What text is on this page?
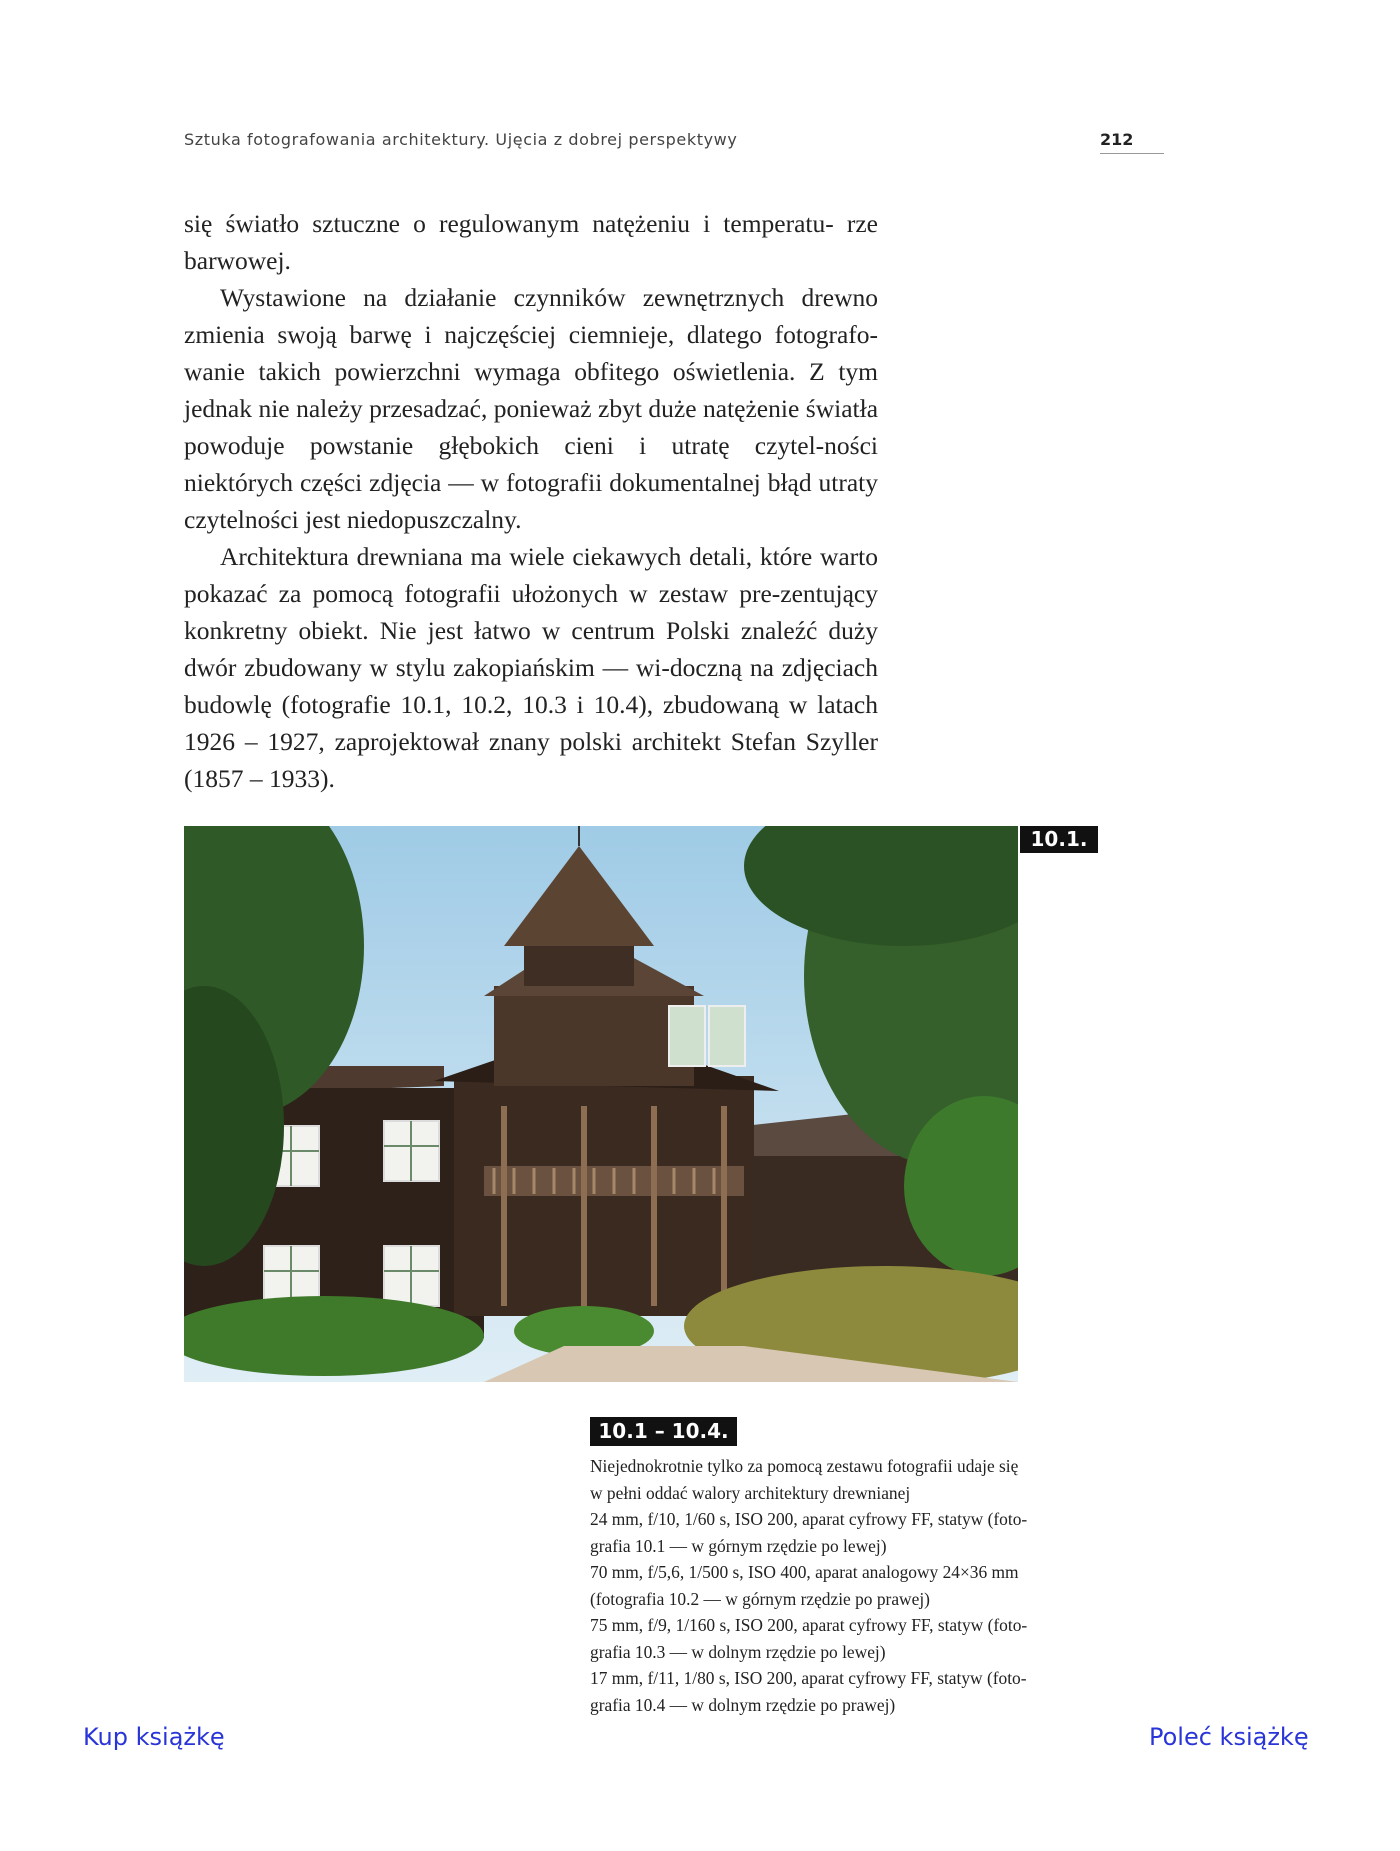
Sztuka fotografowania architektury. Ujęcia z dobrej perspektywy	212

się światło sztuczne o regulowanym natężeniu i temperatu- rze barwowej.

Wystawione na działanie czynników zewnętrznych drewno zmienia swoją barwę i najczęściej ciemnieje, dlatego fotografo-wanie takich powierzchni wymaga obfitego oświetlenia. Z tym jednak nie należy przesadzać, ponieważ zbyt duże natężenie światła powoduje powstanie głębokich cieni i utratę czytel-ności niektórych części zdjęcia — w fotografii dokumentalnej błąd utraty czytelności jest niedopuszczalny.

Architektura drewniana ma wiele ciekawych detali, które warto pokazać za pomocą fotografii ułożonych w zestaw pre-zentujący konkretny obiekt. Nie jest łatwo w centrum Polski znaleźć duży dwór zbudowany w stylu zakopiańskim — wi-doczną na zdjęciach budowlę (fotografie 10.1, 10.2, 10.3 i 10.4), zbudowaną w latach 1926 – 1927, zaprojektował znany polski architekt Stefan Szyller (1857 – 1933).

10.1.
10.1 – 10.4.
Niejednokrotnie tylko za pomocą zestawu fotografii udaje się
w pełni oddać walory architektury drewnianej
24 mm, f/10, 1/60 s, ISO 200, aparat cyfrowy FF, statyw (foto-
grafia 10.1 — w górnym rzędzie po lewej)
70 mm, f/5,6, 1/500 s, ISO 400, aparat analogowy 24×36 mm
(fotografia 10.2 — w górnym rzędzie po prawej)
75 mm, f/9, 1/160 s, ISO 200, aparat cyfrowy FF, statyw (foto-
grafia 10.3 — w dolnym rzędzie po lewej)
17 mm, f/11, 1/80 s, ISO 200, aparat cyfrowy FF, statyw (foto-
grafia 10.4 — w dolnym rzędzie po prawej)
Kup książkę	Poleć książkę
